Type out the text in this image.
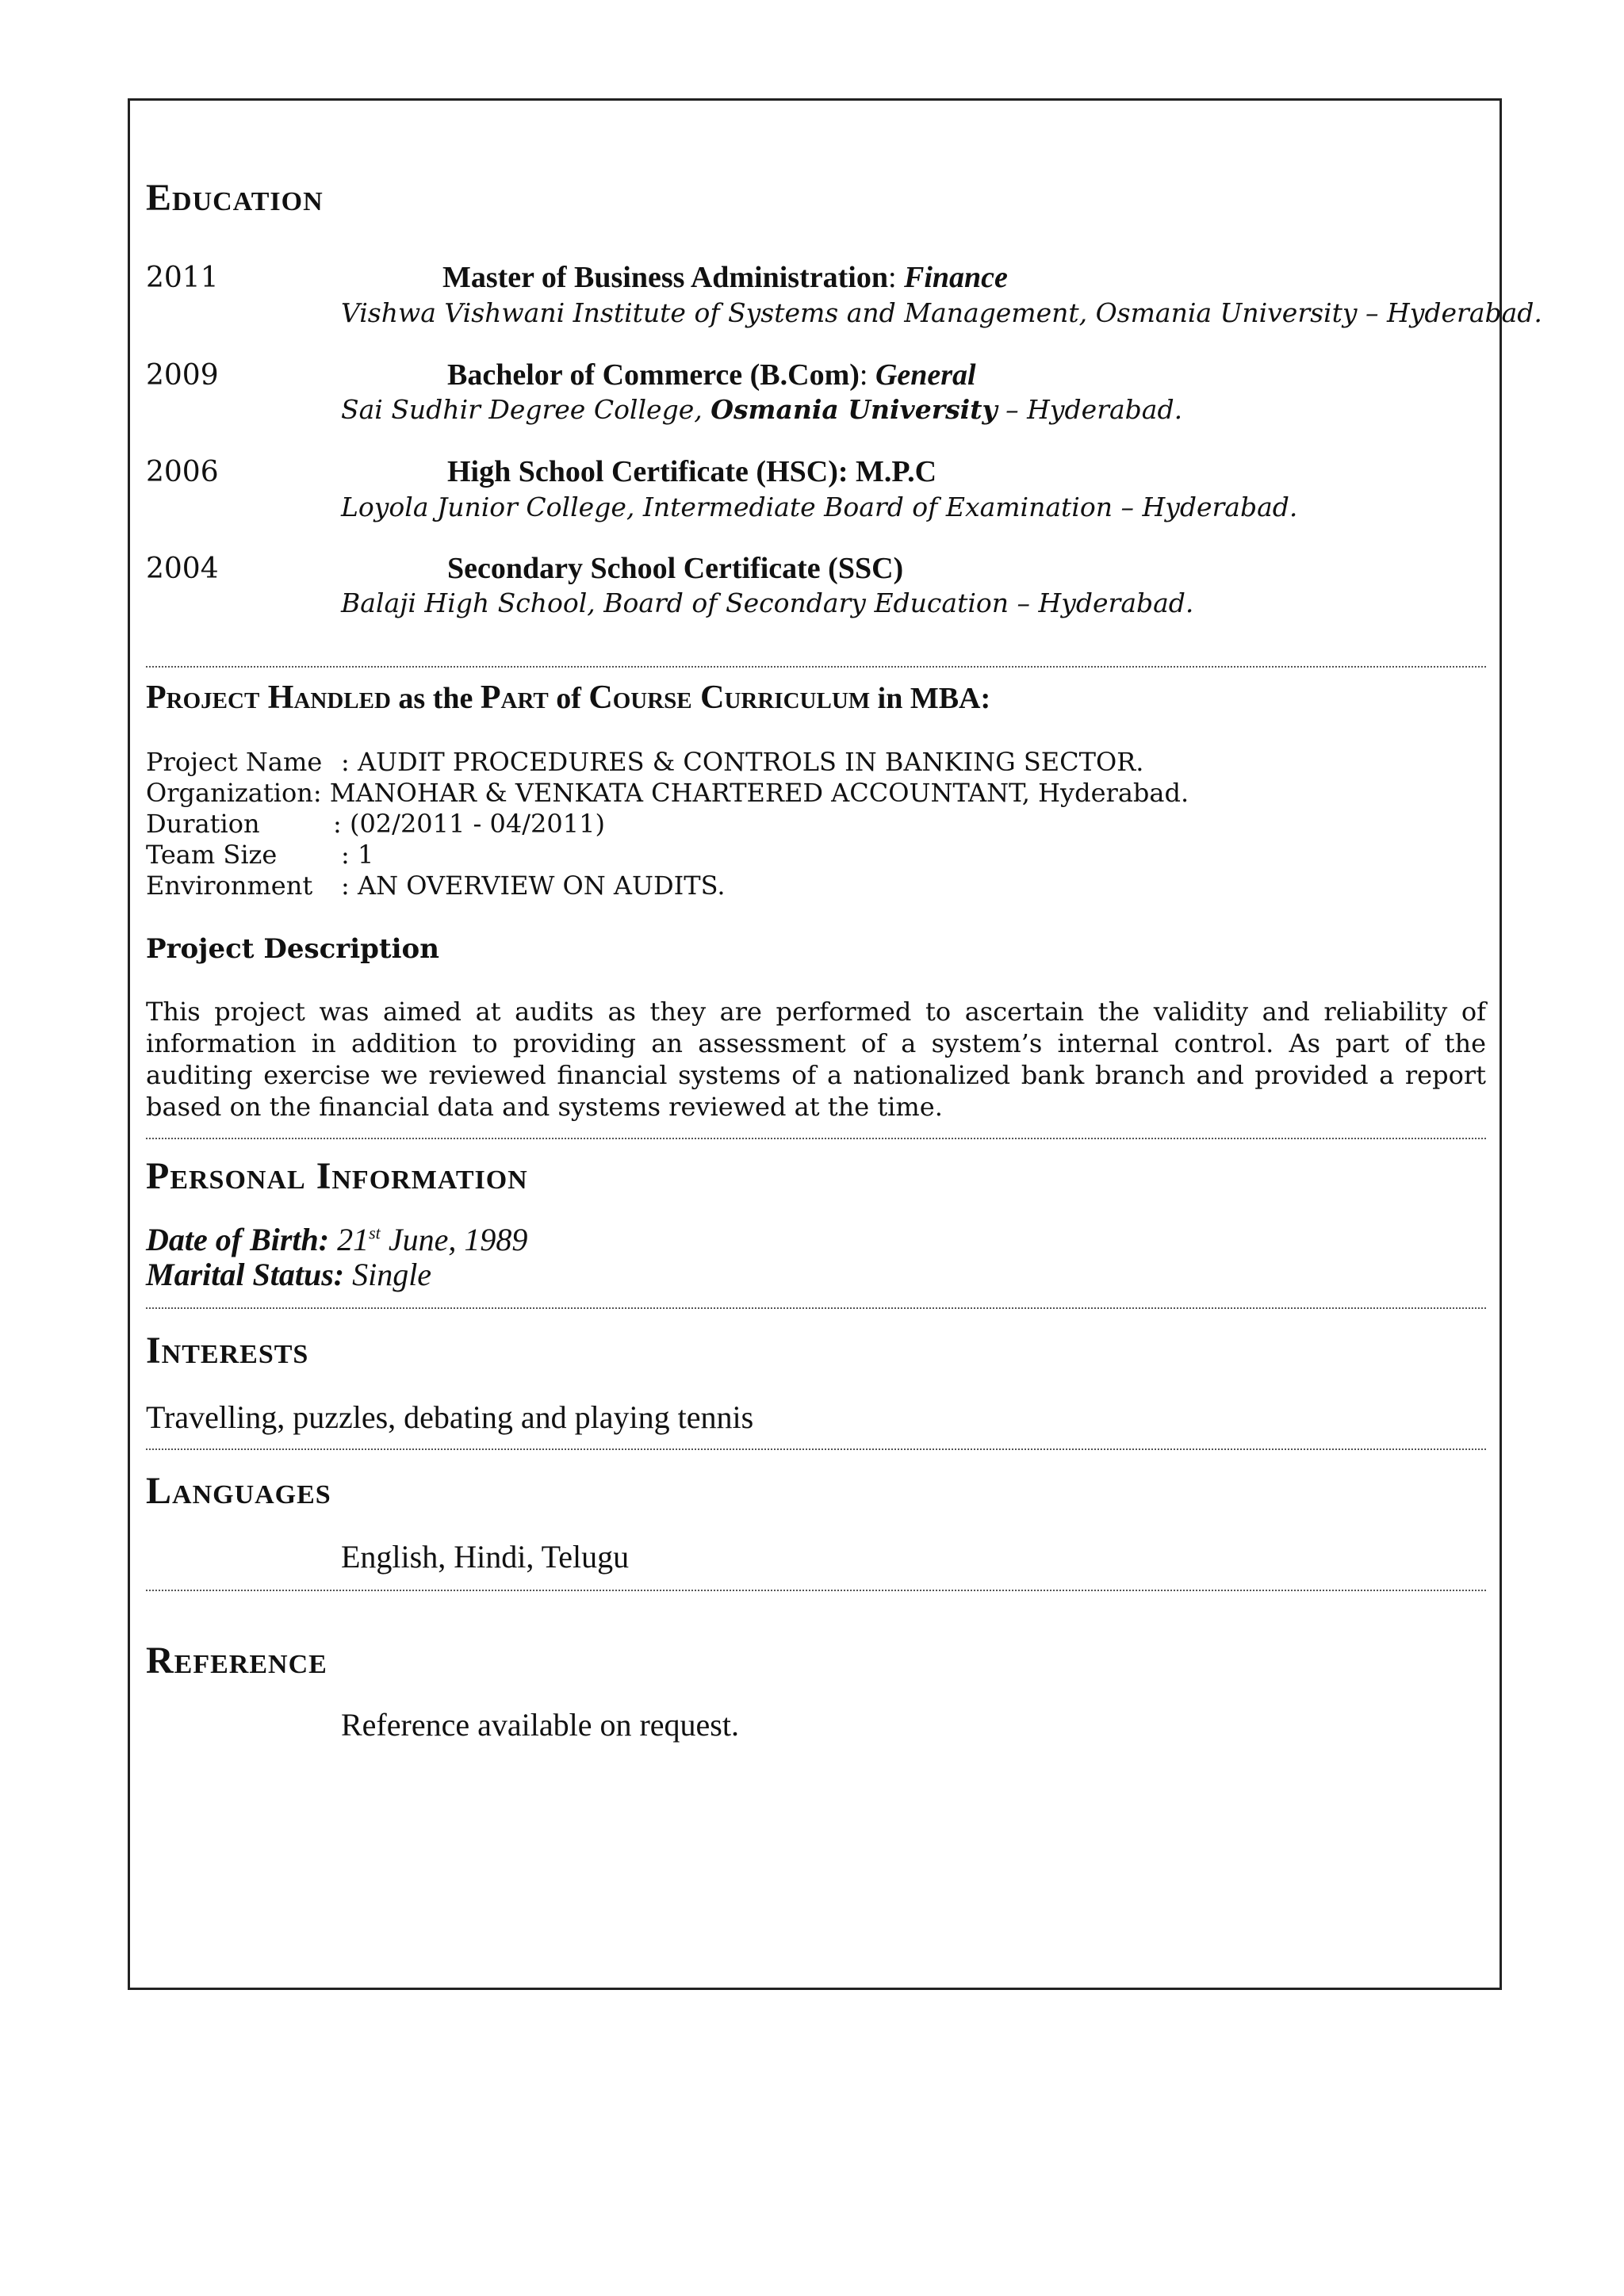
Education
2011	Master of Business Administration: Finance
Vishwa Vishwani Institute of Systems and Management, Osmania University – Hyderabad.
2009	Bachelor of Commerce (B.Com): General
Sai Sudhir Degree College, Osmania University – Hyderabad.
2006	High School Certificate (HSC): M.P.C
Loyola Junior College, Intermediate Board of Examination – Hyderabad.
2004	Secondary School Certificate (SSC)
Balaji High School, Board of Secondary Education – Hyderabad.
Project Handled as the Part of Course Curriculum in MBA:
Project Name : AUDIT PROCEDURES & CONTROLS IN BANKING SECTOR.
Organization: MANOHAR & VENKATA CHARTERED ACCOUNTANT, Hyderabad.
Duration	: (02/2011 - 04/2011)
Team Size	: 1
Environment : AN OVERVIEW ON AUDITS.
Project Description
This project was aimed at audits as they are performed to ascertain the validity and reliability of information in addition to providing an assessment of a system’s internal control. As part of the auditing exercise we reviewed financial systems of a nationalized bank branch and provided a report based on the financial data and systems reviewed at the time.
Personal Information
Date of Birth: 21st June, 1989
Marital Status: Single
Interests
Travelling, puzzles, debating and playing tennis
Languages
English, Hindi, Telugu
Reference
Reference available on request.
